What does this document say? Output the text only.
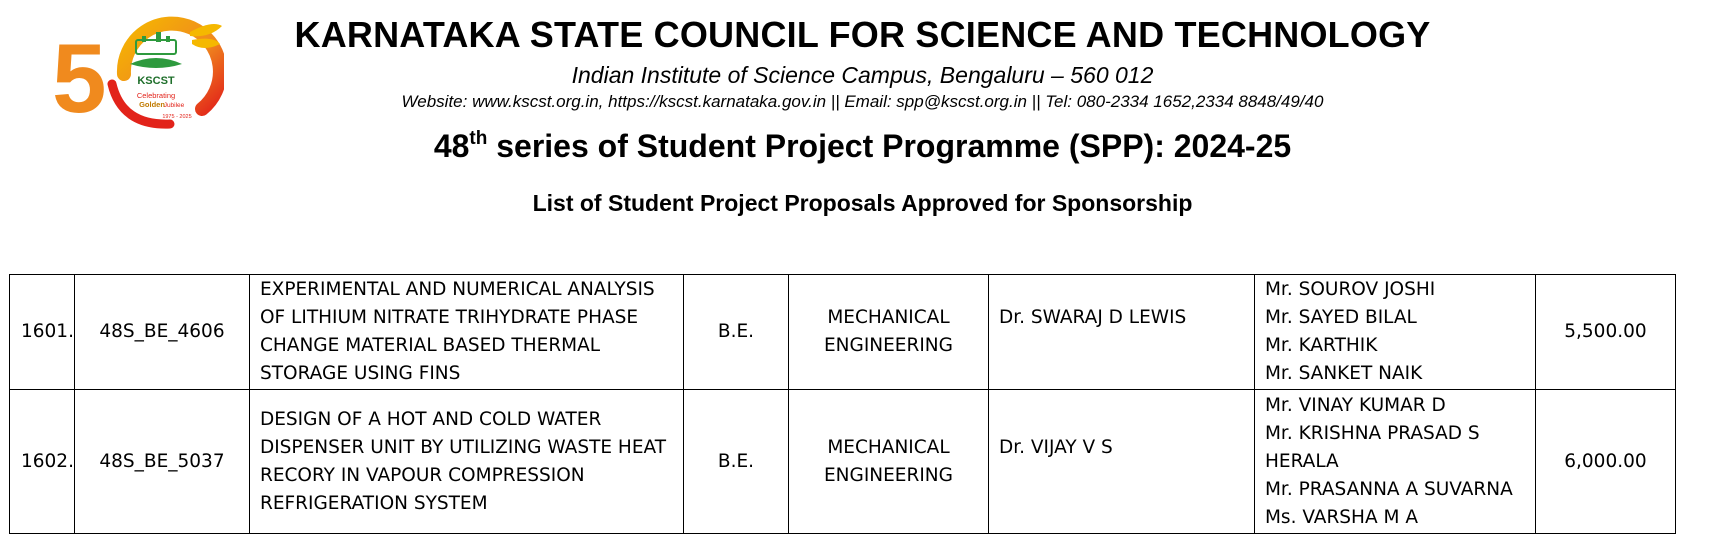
5	KSCST
Celebrating
Golden
Jubilee
1975 - 2025
KARNATAKA STATE COUNCIL FOR SCIENCE AND TECHNOLOGY
Indian Institute of Science Campus, Bengaluru – 560 012
Website: www.kscst.org.in, https://kscst.karnataka.gov.in || Email: spp@kscst.org.in || Tel: 080-2334 1652,2334 8848/49/40
48th series of Student Project Programme (SPP): 2024-25
List of Student Project Proposals Approved for Sponsorship
1601.	48S_BE_4606	EXPERIMENTAL AND NUMERICAL ANALYSIS
OF LITHIUM NITRATE TRIHYDRATE PHASE
CHANGE MATERIAL BASED THERMAL
STORAGE USING FINS	B.E.	MECHANICAL
ENGINEERING	Dr. SWARAJ D LEWIS	Mr. SOUROV JOSHI
Mr. SAYED BILAL
Mr. KARTHIK
Mr. SANKET NAIK	5,500.00
1602.	48S_BE_5037	DESIGN OF A HOT AND COLD WATER
DISPENSER UNIT BY UTILIZING WASTE HEAT
RECORY IN VAPOUR COMPRESSION
REFRIGERATION SYSTEM	B.E.	MECHANICAL
ENGINEERING	Dr. VIJAY V S	Mr. VINAY KUMAR D
Mr. KRISHNA PRASAD S
HERALA
Mr. PRASANNA A SUVARNA
Ms. VARSHA M A	6,000.00
